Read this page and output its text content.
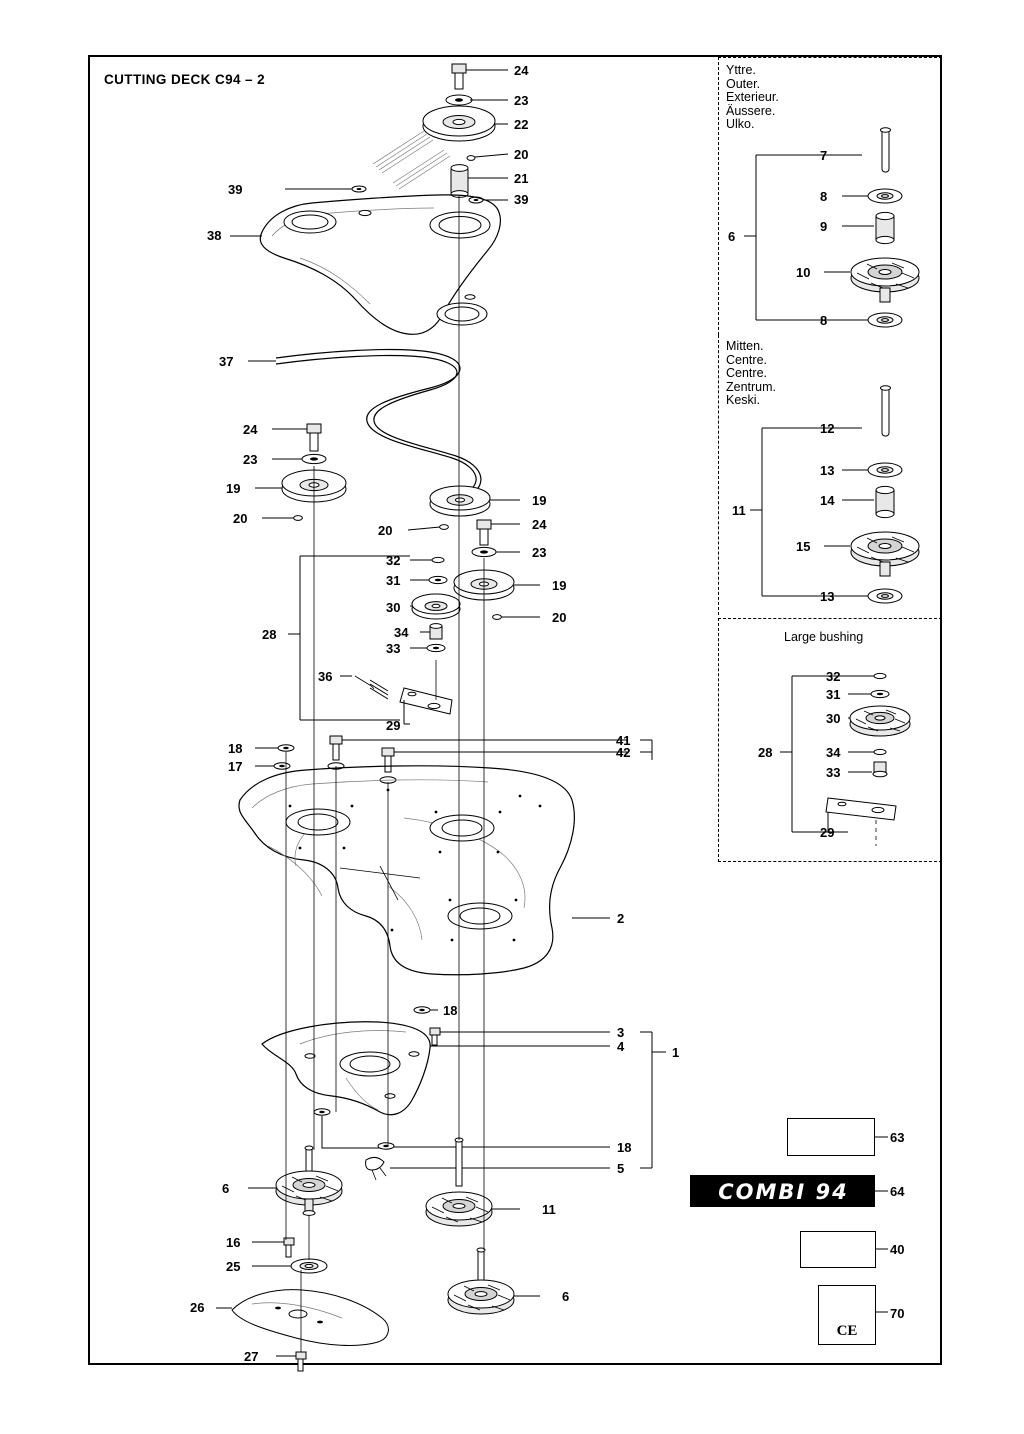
CUTTING DECK C94 – 2
Yttre.
Outer.
Exterieur.
Äussere.
Ulko.
Mitten.
Centre.
Centre.
Zentrum.
Keski.
Large bushing
24
23
22
20
21
39
39
38
37
24
23
19
20
19
20	24
23
32
31	19
30
20
34
28
33
36
29
18
17
41
42
2
18
3
4	1
18
5
6
16
25
26
27
11
6
7
8
9
10
8
6
12
13
14
15
13
11
32
31
30
34
33
29
28
63
COMBI 94	64
40
CE
70
